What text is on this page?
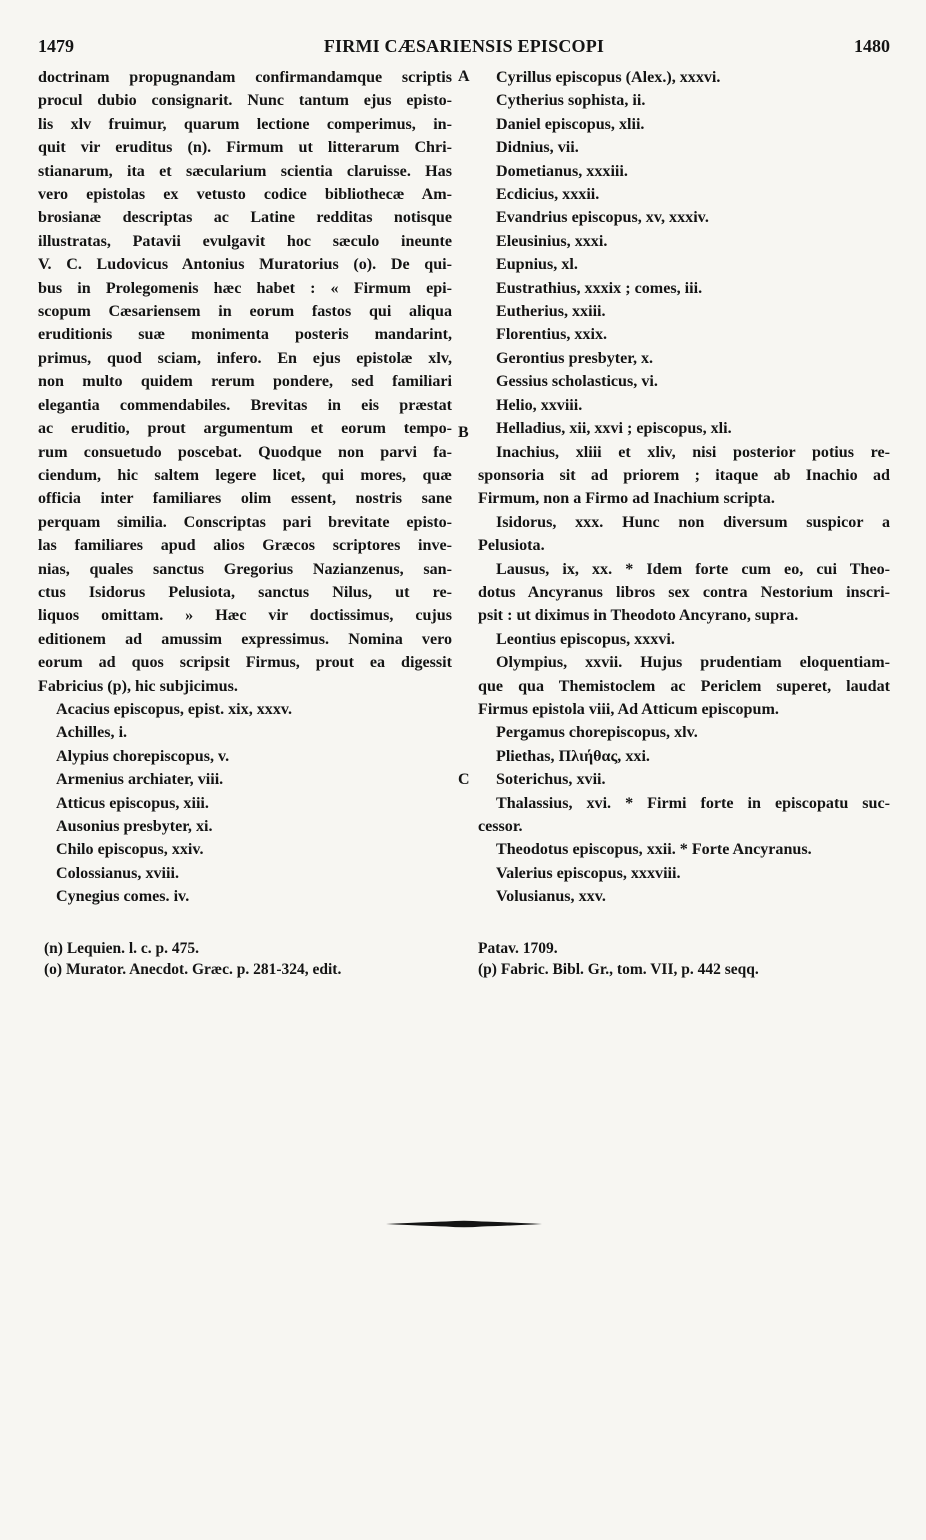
1479	FIRMI CÆSARIENSIS EPISCOPI	1480
doctrinam propugnandam confirmandamque scriptis
procul dubio consignarit. Nunc tantum ejus episto-
lis xlv fruimur, quarum lectione comperimus, in-
quit vir eruditus (n). Firmum ut litterarum Chri-
stianarum, ita et sæcularium scientia claruisse. Has
vero epistolas ex vetusto codice bibliothecæ Am-
brosianæ descriptas ac Latine redditas notisque
illustratas, Patavii evulgavit hoc sæculo ineunte
V. C. Ludovicus Antonius Muratorius (o). De qui-
bus in Prolegomenis hæc habet : « Firmum epi-
scopum Cæsariensem in eorum fastos qui aliqua
eruditionis suæ monimenta posteris mandarint,
primus, quod sciam, infero. En ejus epistolæ xlv,
non multo quidem rerum pondere, sed familiari
elegantia commendabiles. Brevitas in eis præstat
ac eruditio, prout argumentum et eorum tempo-
rum consuetudo poscebat. Quodque non parvi fa-
ciendum, hic saltem legere licet, qui mores, quæ
officia inter familiares olim essent, nostris sane
perquam similia. Conscriptas pari brevitate episto-
las familiares apud alios Græcos scriptores inve-
nias, quales sanctus Gregorius Nazianzenus, san-
ctus Isidorus Pelusiota, sanctus Nilus, ut re-
liquos omittam. » Hæc vir doctissimus, cujus
editionem ad amussim expressimus. Nomina vero
eorum ad quos scripsit Firmus, prout ea digessit
Fabricius (p), hic subjicimus.
Acacius episcopus, epist. xix, xxxv.
Achilles, i.
Alypius chorepiscopus, v.
Armenius archiater, viii.
Atticus episcopus, xiii.
Ausonius presbyter, xi.
Chilo episcopus, xxiv.
Colossianus, xviii.
Cynegius comes. iv.
Cyrillus episcopus (Alex.), xxxvi.
Cytherius sophista, ii.
Daniel episcopus, xlii.
Didnius, vii.
Dometianus, xxxiii.
Ecdicius, xxxii.
Evandrius episcopus, xv, xxxiv.
Eleusinius, xxxi.
Eupnius, xl.
Eustrathius, xxxix ; comes, iii.
Eutherius, xxiii.
Florentius, xxix.
Gerontius presbyter, x.
Gessius scholasticus, vi.
Helio, xxviii.
Helladius, xii, xxvi ; episcopus, xli.
Inachius, xliii et xliv, nisi posterior potius re-
sponsoria sit ad priorem ; itaque ab Inachio ad
Firmum, non a Firmo ad Inachium scripta.
Isidorus, xxx. Hunc non diversum suspicor a
Pelusiota.
Lausus, ix, xx. * Idem forte cum eo, cui Theo-
dotus Ancyranus libros sex contra Nestorium inscri-
psit : ut diximus in Theodoto Ancyrano, supra.
Leontius episcopus, xxxvi.
Olympius, xxvii. Hujus prudentiam eloquentiam-
que qua Themistoclem ac Periclem superet, laudat
Firmus epistola viii, Ad Atticum episcopum.
Pergamus chorepiscopus, xlv.
Pliethas, Πλιήθας, xxi.
Soterichus, xvii.
Thalassius, xvi. * Firmi forte in episcopatu suc-
cessor.
Theodotus episcopus, xxii. * Forte Ancyranus.
Valerius episcopus, xxxviii.
Volusianus, xxv.
A
B
C
(n) Lequien. l. c. p. 475.
(o) Murator. Anecdot. Græc. p. 281-324, edit.
Patav. 1709.
(p) Fabric. Bibl. Gr., tom. VII, p. 442 seqq.
